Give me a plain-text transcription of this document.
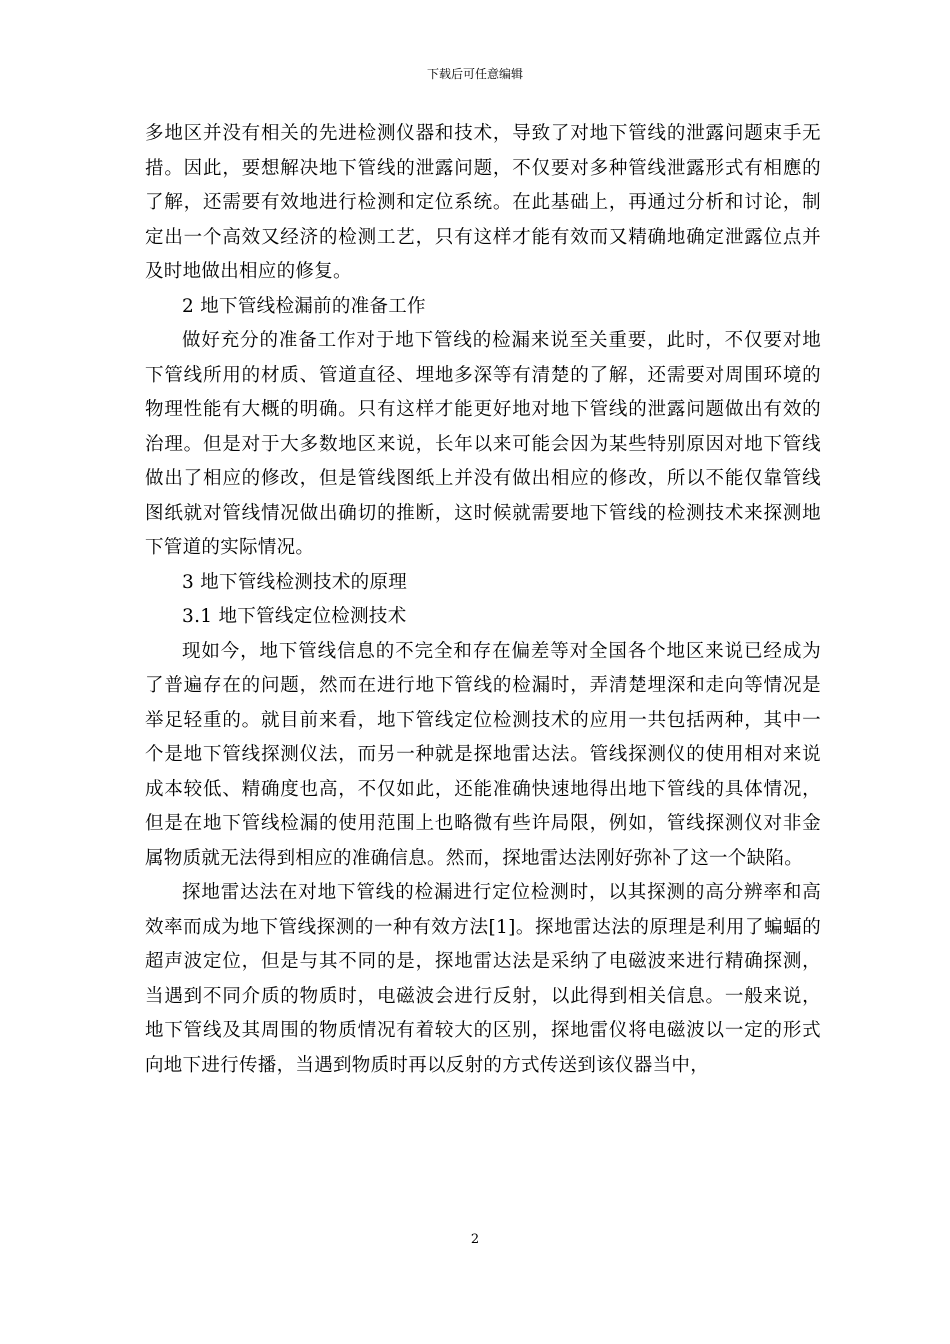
下载后可任意编辑

多地区并没有相关的先进检测仪器和技术，导致了对地下管线的泄露问题束手无措。因此，要想解决地下管线的泄露问题，不仅要对多种管线泄露形式有相應的了解，还需要有效地进行检测和定位系统。在此基础上，再通过分析和讨论，制定出一个高效又经济的检测工艺，只有这样才能有效而又精确地确定泄露位点并及时地做出相应的修复。

2 地下管线检漏前的准备工作

做好充分的准备工作对于地下管线的检漏来说至关重要，此时，不仅要对地下管线所用的材质、管道直径、埋地多深等有清楚的了解，还需要对周围环境的物理性能有大概的明确。只有这样才能更好地对地下管线的泄露问题做出有效的治理。但是对于大多数地区来说，长年以来可能会因为某些特别原因对地下管线做出了相应的修改，但是管线图纸上并没有做出相应的修改，所以不能仅靠管线图纸就对管线情况做出确切的推断，这时候就需要地下管线的检测技术来探测地下管道的实际情况。

3 地下管线检测技术的原理

3.1 地下管线定位检测技术

现如今，地下管线信息的不完全和存在偏差等对全国各个地区来说已经成为了普遍存在的问题，然而在进行地下管线的检漏时，弄清楚埋深和走向等情况是举足轻重的。就目前来看，地下管线定位检测技术的应用一共包括两种，其中一个是地下管线探测仪法，而另一种就是探地雷达法。管线探测仪的使用相对来说成本较低、精确度也高，不仅如此，还能准确快速地得出地下管线的具体情况，但是在地下管线检漏的使用范围上也略微有些许局限，例如，管线探测仪对非金属物质就无法得到相应的准确信息。然而，探地雷达法刚好弥补了这一个缺陷。

探地雷达法在对地下管线的检漏进行定位检测时，以其探测的高分辨率和高效率而成为地下管线探测的一种有效方法[1]。探地雷达法的原理是利用了蝙蝠的超声波定位，但是与其不同的是，探地雷达法是采纳了电磁波来进行精确探测，当遇到不同介质的物质时，电磁波会进行反射，以此得到相关信息。一般来说，地下管线及其周围的物质情况有着较大的区别，探地雷仪将电磁波以一定的形式向地下进行传播，当遇到物质时再以反射的方式传送到该仪器当中，

2
